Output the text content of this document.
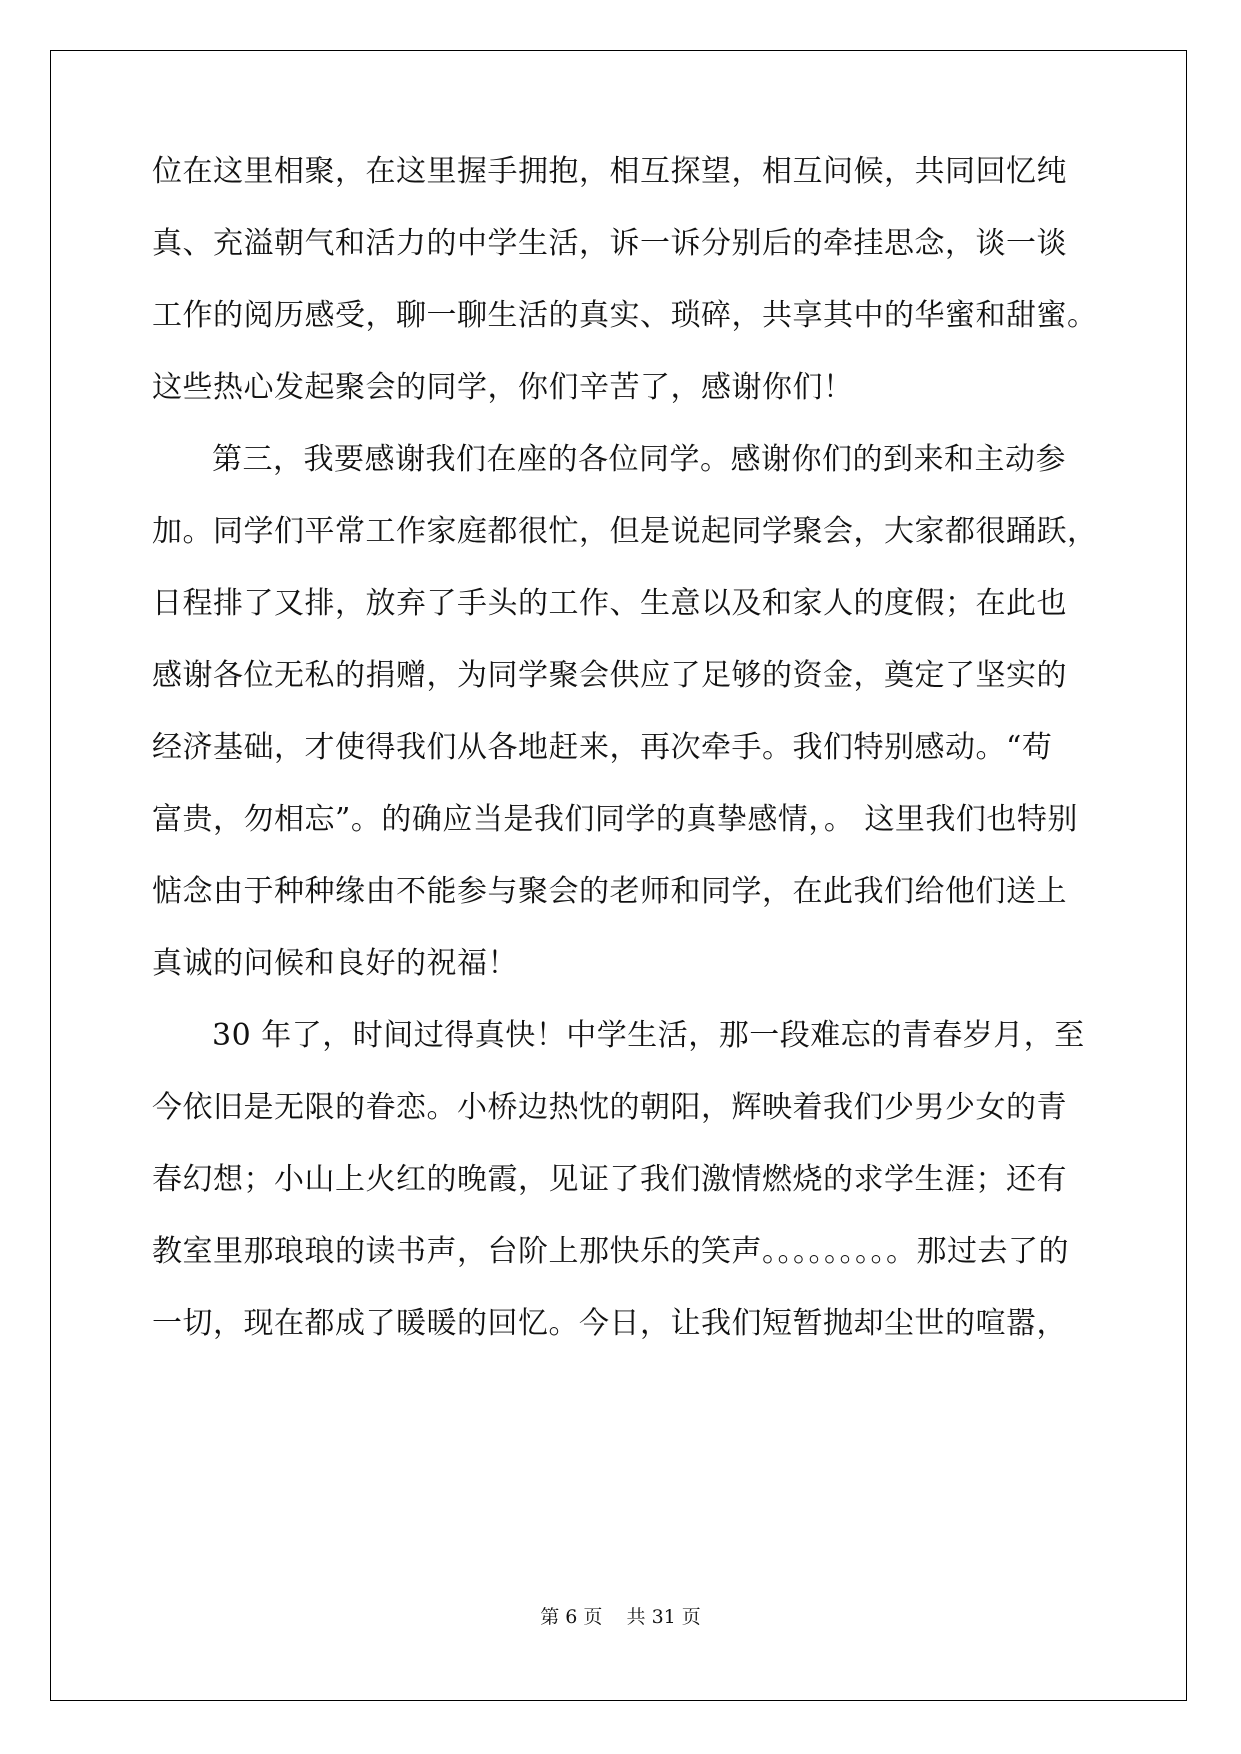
位在这里相聚，在这里握手拥抱，相互探望，相互问候，共同回忆纯
真、充溢朝气和活力的中学生活，诉一诉分别后的牵挂思念，谈一谈
工作的阅历感受，聊一聊生活的真实、琐碎，共享其中的华蜜和甜蜜。
这些热心发起聚会的同学，你们辛苦了，感谢你们！
第三，我要感谢我们在座的各位同学。感谢你们的到来和主动参
加。同学们平常工作家庭都很忙，但是说起同学聚会，大家都很踊跃，
日程排了又排，放弃了手头的工作、生意以及和家人的度假；在此也
感谢各位无私的捐赠，为同学聚会供应了足够的资金，奠定了坚实的
经济基础，才使得我们从各地赶来，再次牵手。我们特别感动。“苟
富贵，勿相忘”。的确应当是我们同学的真挚感情，。 这里我们也特别
惦念由于种种缘由不能参与聚会的老师和同学，在此我们给他们送上
真诚的问候和良好的祝福！
30 年了，时间过得真快！中学生活，那一段难忘的青春岁月，至
今依旧是无限的眷恋。小桥边热忱的朝阳，辉映着我们少男少女的青
春幻想；小山上火红的晚霞，见证了我们激情燃烧的求学生涯；还有
教室里那琅琅的读书声，台阶上那快乐的笑声。。。。。。。。。那过去了的
一切，现在都成了暖暖的回忆。今日，让我们短暂抛却尘世的喧嚣，
第 6 页 共 31 页
